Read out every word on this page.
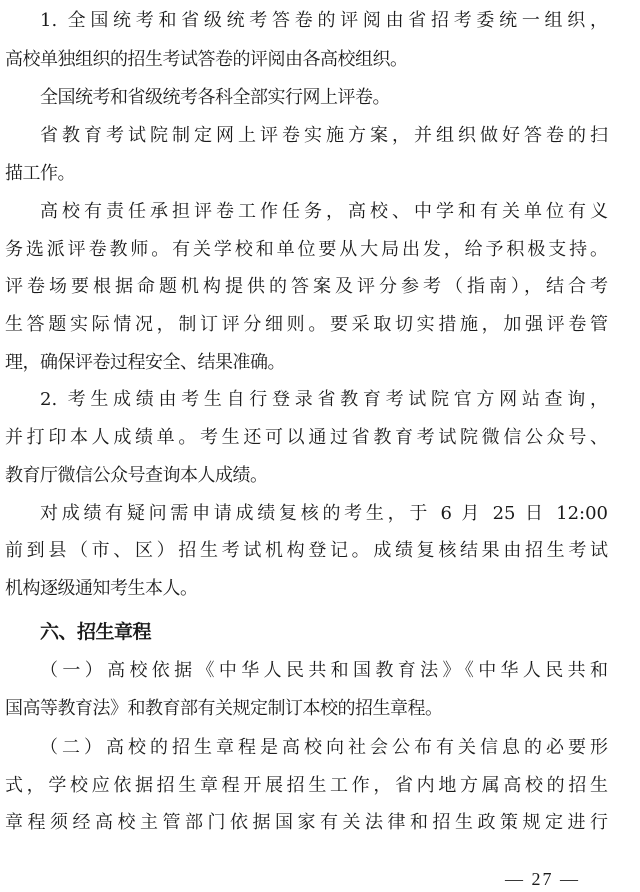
1. 全国统考和省级统考答卷的评阅由省招考委统一组织，
高校单独组织的招生考试答卷的评阅由各高校组织。
全国统考和省级统考各科全部实行网上评卷。
省教育考试院制定网上评卷实施方案，并组织做好答卷的扫
描工作。
高校有责任承担评卷工作任务，高校、中学和有关单位有义
务选派评卷教师。有关学校和单位要从大局出发，给予积极支持。
评卷场要根据命题机构提供的答案及评分参考（指南），结合考
生答题实际情况，制订评分细则。要采取切实措施，加强评卷管
理，确保评卷过程安全、结果准确。
2. 考生成绩由考生自行登录省教育考试院官方网站查询，
并打印本人成绩单。考生还可以通过省教育考试院微信公众号、
教育厅微信公众号查询本人成绩。
对成绩有疑问需申请成绩复核的考生，于 6 月 25 日 12:00
前到县（市、区）招生考试机构登记。成绩复核结果由招生考试
机构逐级通知考生本人。
六、招生章程
（一）高校依据《中华人民共和国教育法》《中华人民共和
国高等教育法》和教育部有关规定制订本校的招生章程。
（二）高校的招生章程是高校向社会公布有关信息的必要形
式，学校应依据招生章程开展招生工作，省内地方属高校的招生
章程须经高校主管部门依据国家有关法律和招生政策规定进行
— 27 —
